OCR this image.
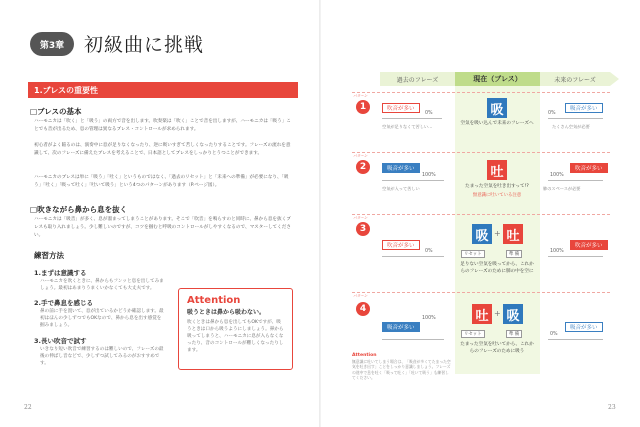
第3章	初級曲に挑戦
1.ブレスの重要性
□ブレスの基本
ハーモニカは「吹く」と「吸う」の両方で音を出します。吹奏楽は「吹く」ことで音を出しますが、ハーモニカは「吸う」ことでも音が出るため、息の管理は異なるブレス・コントロールが求められます。
初心者がよく陥るのは、演奏中に息が足りなくなったり、逆に吸いすぎて苦しくなったりすることです。フレーズの流れを意識して、次のフレーズに備えたブレスを考えることで、日本語としてブレスをしっかりとうつことができます。
ハーモニカのブレスは単に「吸う」「吐く」というものではなく、「過去のリセット」と「未来への準備」が必要になり、「吸う」「吐く」「吸って吐く」「吐いて吸う」という4つのパターンがあります（P.ページ図）。
□吹きながら鼻から息を抜く
ハーモニカは「吸音」が多く、息が溜まってしまうことがあります。そこで「吹音」を鳴らすのと同時に、鼻から息を抜くブレスも取り入れましょう。少し難しいのですが、コツを掴むと呼吸のコントロールがしやすくなるので、マスターしてください。
練習方法
1.まずは意識する
ハーモニカを吹くときに、鼻からもフンッと息を出してみましょう。最初はあまりうまくいかなくても大丈夫です。
2.手で鼻息を感じる
鼻の前に手を置いて、息が出ているかどうか確認します。最初はほんの少しずつでもOKなので、鼻から息を出す感覚を掴みましょう。
3.長い吹音で試す
いきなり短い吹音で練習するのは難しいので、フレーズの最後の伸ばし音などで、少しずつ試してみるのがおすすめです。
Attention
吸うときは鼻から吸わない。
吹くときは鼻から息を出してもOKですが、吸うときは口から吸うようにしましょう。鼻から吸ってしまうと、ハーモニカに息が入らなくなったり、音のコントロールが難しくなったりします。
22
過去のフレーズ	現在（ブレス）	未来のフレーズ
パターン
1	吹音が多い
0%
空気が足りなくて苦しい…
吸
空気を吸い込んで未来のフレーズへ
吸音が多い
0%
たくさん空気が必要
パターン
2	吸音が多い
100%
空気が入って苦しい
吐
たまった空気を吐き出すって!?
無意識に吐いている注意
吹音が多い
100%
肺のスペースが必要
パターン
3
吹音が多い
0%
吸 + 吐
リセット	準 備
足りない空気を吸ってから、これからのフレーズのために肺の中を空に
吹音が多い
100%
パターン
4
吸音が多い
100%	吐 + 吸
リセット	準 備
たまった空気を吐いてから、これからのフレーズのために吸う
吸音が多い
0%
Attention
無意識に吐いてしまう場合は、「吸音が多くてたまった空気を吐き出す」ことをしっかり意識しましょう。フレーズの途中で息を吐く「吸って吐く」「吐いて吸う」も練習してください。
23
